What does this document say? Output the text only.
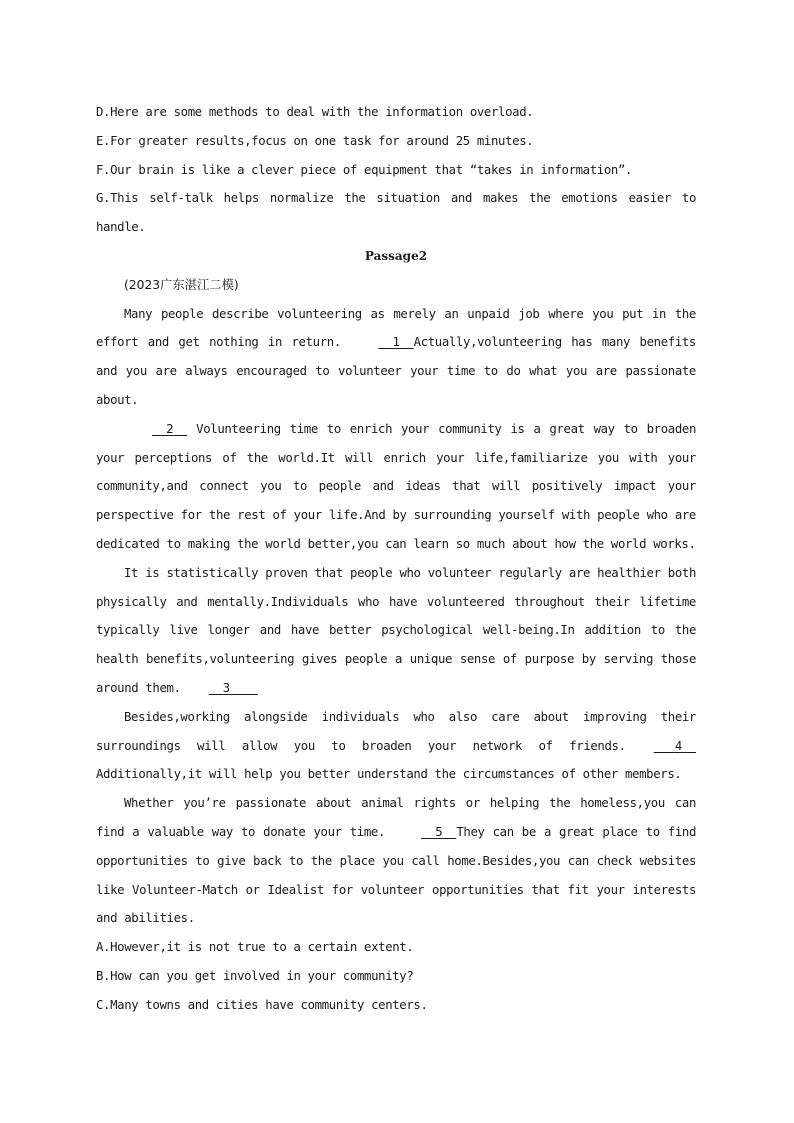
D.Here are some methods to deal with the information overload.
E.For greater results,focus on one task for around 25 minutes.
F.Our brain is like a clever piece of equipment that “takes in information”.

G.This self-talk helps normalize the situation and makes the emotions easier to handle.

Passage2
(2023广东湛江二模)

Many people describe volunteering as merely an unpaid job where you put in the effort and get nothing in return.	1 Actually,volunteering has many benefits and you are always encouraged to volunteer your time to do what you are passionate about.

2   Volunteering time to enrich your community is a great way to broaden your perceptions of the world.It will enrich your life,familiarize you with your community,and connect you to people and ideas that will positively impact your perspective for the rest of your life.And by surrounding yourself with people who are dedicated to making the world better,you can learn so much about how the world works.

It is statistically proven that people who volunteer regularly are healthier both physically and mentally.Individuals who have volunteered throughout their lifetime typically live longer and have better psychological well-being.In addition to the health benefits,volunteering gives people a unique sense of purpose by serving those around them.	3

Besides,working alongside individuals who also care about improving their surroundings will allow you to broaden your network of friends.	4  Additionally,it will help you better understand the circumstances of other members.

Whether you’re passionate about animal rights or helping the homeless,you can find a valuable way to donate your time.	5 They can be a great place to find opportunities to give back to the place you call home.Besides,you can check websites like Volunteer-Match or Idealist for volunteer opportunities that fit your interests and abilities.

A.However,it is not true to a certain extent.
B.How can you get involved in your community?
C.Many towns and cities have community centers.
